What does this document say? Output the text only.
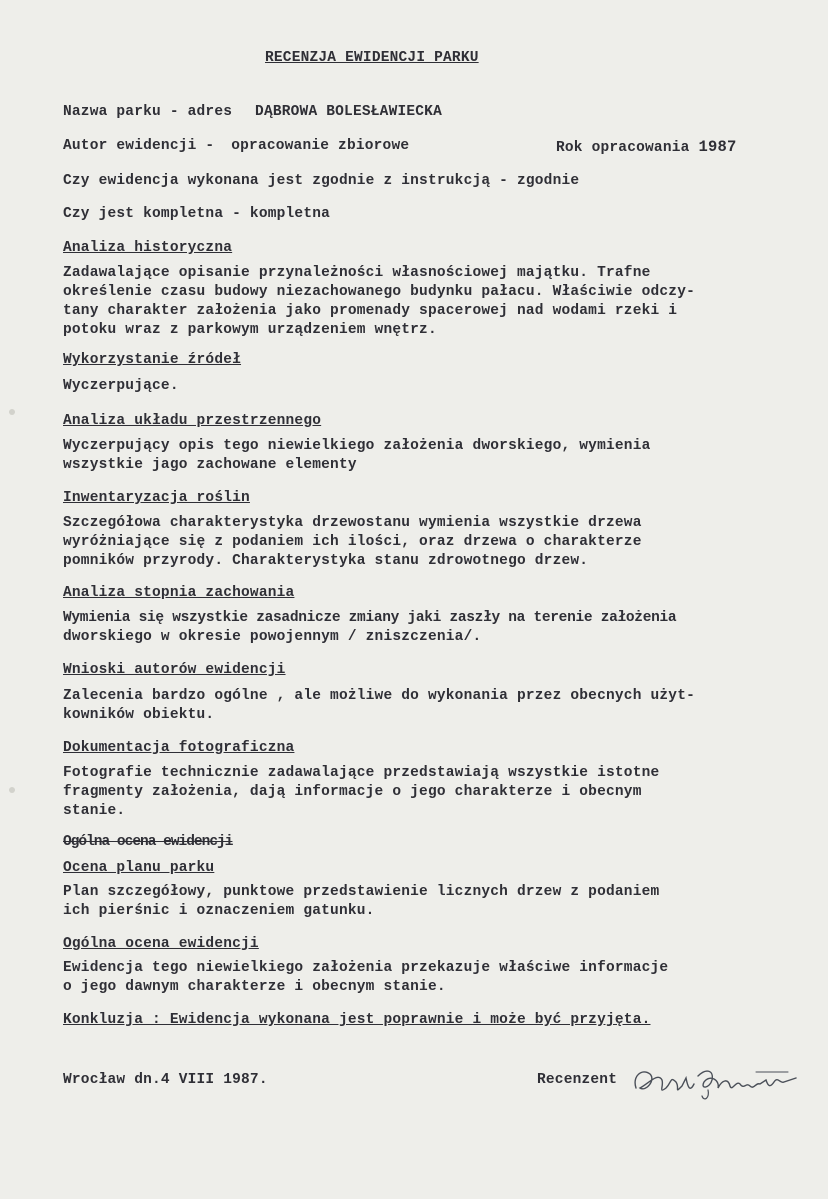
RECENZJA EWIDENCJI PARKU
Nazwa parku - adres DĄBROWA BOLESŁAWIECKA
Autor ewidencji - opracowanie zbiorowe	Rok opracowania 1987
Czy ewidencja wykonana jest zgodnie z instrukcją - zgodnie
Czy jest kompletna - kompletna
Analiza historyczna
Zadawalające opisanie przynależności własnościowej majątku. Trafne
określenie czasu budowy niezachowanego budynku pałacu. Właściwie odczy-
tany charakter założenia jako promenady spacerowej nad wodami rzeki i
potoku wraz z parkowym urządzeniem wnętrz.
Wykorzystanie źródeł
Wyczerpujące.
Analiza układu przestrzennego
Wyczerpujący opis tego niewielkiego założenia dworskiego, wymienia
wszystkie jago zachowane elementy
Inwentaryzacja roślin
Szczegółowa charakterystyka drzewostanu wymienia wszystkie drzewa
wyróżniające się z podaniem ich ilości, oraz drzewa o charakterze
pomników przyrody. Charakterystyka stanu zdrowotnego drzew.
Analiza stopnia zachowania
Wymienia się wszystkie zasadnicze zmiany jaki zaszły na terenie założenia
dworskiego w okresie powojennym / zniszczenia/.
Wnioski autorów ewidencji
Zalecenia bardzo ogólne , ale możliwe do wykonania przez obecnych użyt-
kowników obiektu.
Dokumentacja fotograficzna
Fotografie technicznie zadawalające przedstawiają wszystkie istotne
fragmenty założenia, dają informacje o jego charakterze i obecnym
stanie.
Ogólna ocena ewidencji
Ocena planu parku
Plan szczegółowy, punktowe przedstawienie licznych drzew z podaniem
ich pierśnic i oznaczeniem gatunku.
Ogólna ocena ewidencji
Ewidencja tego niewielkiego założenia przekazuje właściwe informacje
o jego dawnym charakterze i obecnym stanie.
Konkluzja : Ewidencja wykonana jest poprawnie i może być przyjęta.
Wrocław dn.4 VIII 1987.	Recenzent
